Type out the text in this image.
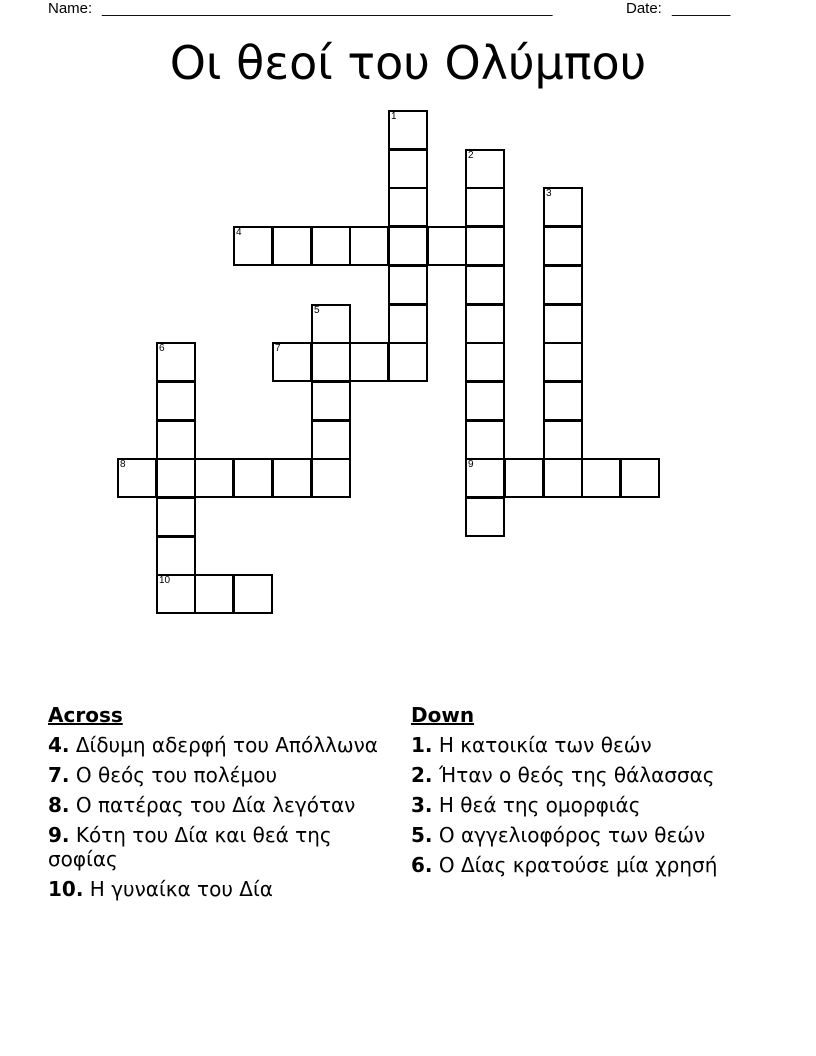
Name: ______________________________________________________	Date: _______
Οι θεοί του Ολύμπου
1
2
9
3
4
5
6
10
7
8
Across
4. Δίδυμη αδερφή του Απόλλωνα
7. Ο θεός του πολέμου
8. Ο πατέρας του Δία λεγόταν
9. Κότη του Δία και θεά της σοφίας
10. Η γυναίκα του Δία
Down
1. Η κατοικία των θεών
2. Ήταν ο θεός της θάλασσας
3. Η θεά της ομορφιάς
5. Ο αγγελιοφόρος των θεών
6. Ο Δίας κρατούσε μία χρησή
